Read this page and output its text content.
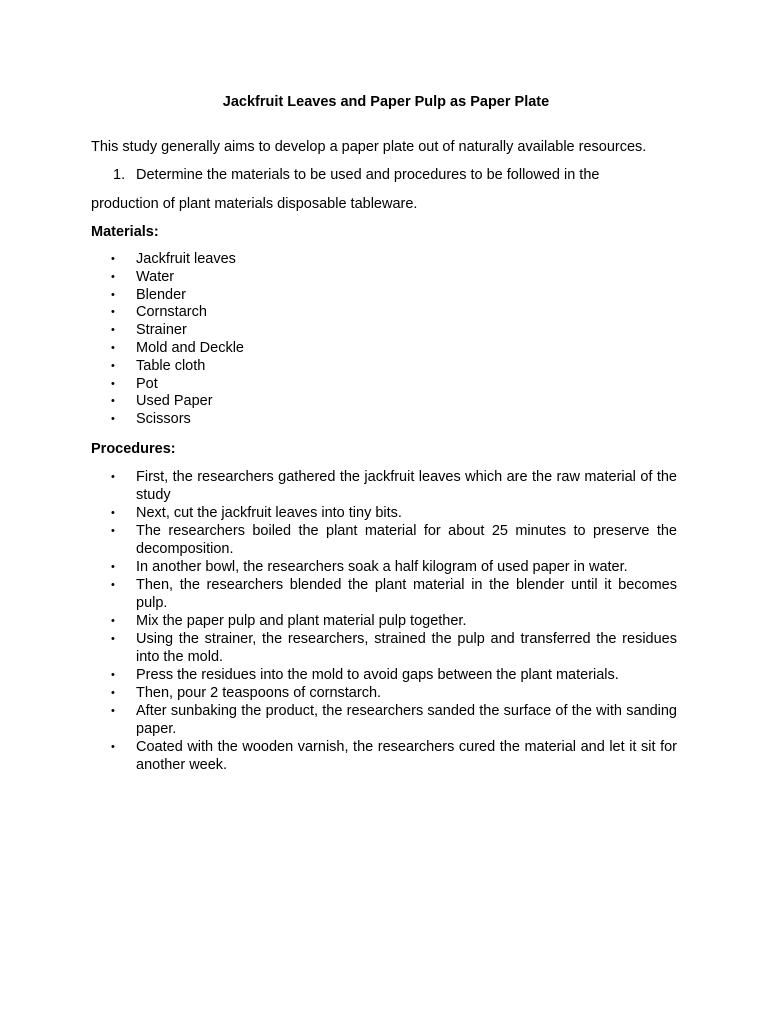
Jackfruit Leaves and Paper Pulp as Paper Plate

This study generally aims to develop a paper plate out of naturally available resources.

1. Determine the materials to be used and procedures to be followed in the
production of plant materials disposable tableware.
Materials:
• Jackfruit leaves
• Water
• Blender
• Cornstarch
• Strainer
• Mold and Deckle
• Table cloth
• Pot
• Used Paper
• Scissors
Procedures:
• First, the researchers gathered the jackfruit leaves which are the raw material of the study
• Next, cut the jackfruit leaves into tiny bits.
• The researchers boiled the plant material for about 25 minutes to preserve the decomposition.
• In another bowl, the researchers soak a half kilogram of used paper in water.
• Then, the researchers blended the plant material in the blender until it becomes pulp.
• Mix the paper pulp and plant material pulp together.
• Using the strainer, the researchers, strained the pulp and transferred the residues into the mold.
• Press the residues into the mold to avoid gaps between the plant materials.
• Then, pour 2 teaspoons of cornstarch.
• After sunbaking the product, the researchers sanded the surface of the with sanding paper.
• Coated with the wooden varnish, the researchers cured the material and let it sit for another week.
